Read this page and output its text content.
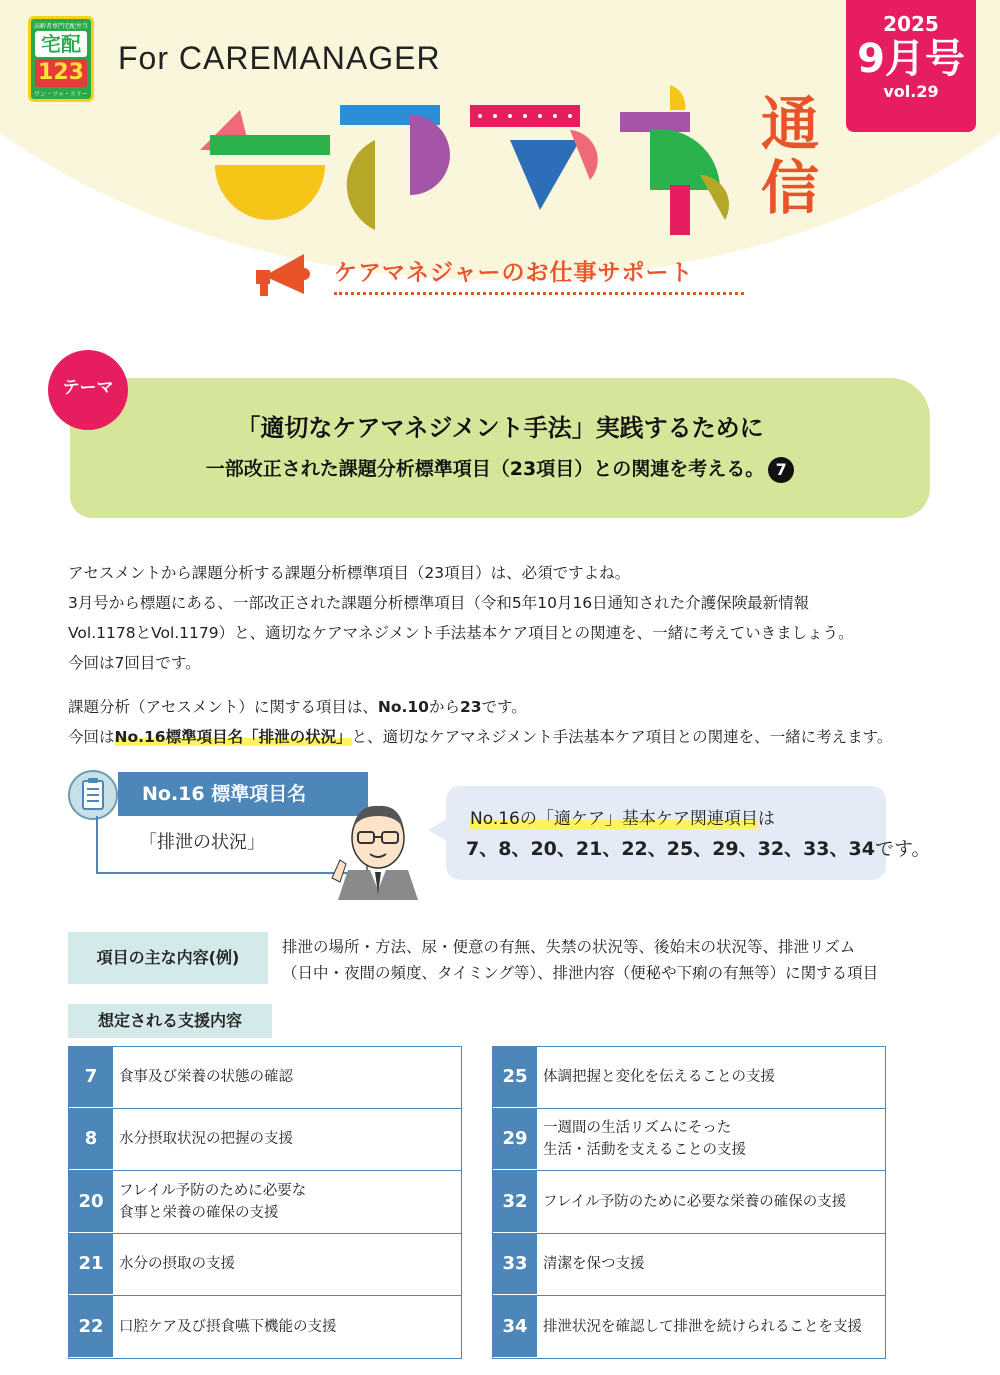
高齢者専門宅配弁当
宅配
123
ワン・ツゥ・スリー
For CAREMANAGER
通信
2025
9月号
vol.29
ケアマネジャーのお仕事サポート
テーマ
「適切なケアマネジメント手法」実践するために
一部改正された課題分析標準項目（23項目）との関連を考える。 7
アセスメントから課題分析する課題分析標準項目（23項目）は、必須ですよね。
3月号から標題にある、一部改正された課題分析標準項目（令和5年10月16日通知された介護保険最新情報
Vol.1178とVol.1179）と、適切なケアマネジメント手法基本ケア項目との関連を、一緒に考えていきましょう。
今回は7回目です。
課題分析（アセスメント）に関する項目は、No.10から23です。
今回はNo.16標準項目名「排泄の状況」と、適切なケアマネジメント手法基本ケア項目との関連を、一緒に考えます。
No.16 標準項目名
「排泄の状況」
No.16の「適ケア」基本ケア関連項目は
7、8、20、21、22、25、29、32、33、34です。
項目の主な内容(例)
排泄の場所・方法、尿・便意の有無、失禁の状況等、後始末の状況等、排泄リズム
（日中・夜間の頻度、タイミング等）、排泄内容（便秘や下痢の有無等）に関する項目
想定される支援内容
7	食事及び栄養の状態の確認
8	水分摂取状況の把握の支援
20	フレイル予防のために必要な
食事と栄養の確保の支援
21	水分の摂取の支援
22	口腔ケア及び摂食嚥下機能の支援
25	体調把握と変化を伝えることの支援
29	一週間の生活リズムにそった
生活・活動を支えることの支援
32	フレイル予防のために必要な栄養の確保の支援
33	清潔を保つ支援
34	排泄状況を確認して排泄を続けられることを支援
